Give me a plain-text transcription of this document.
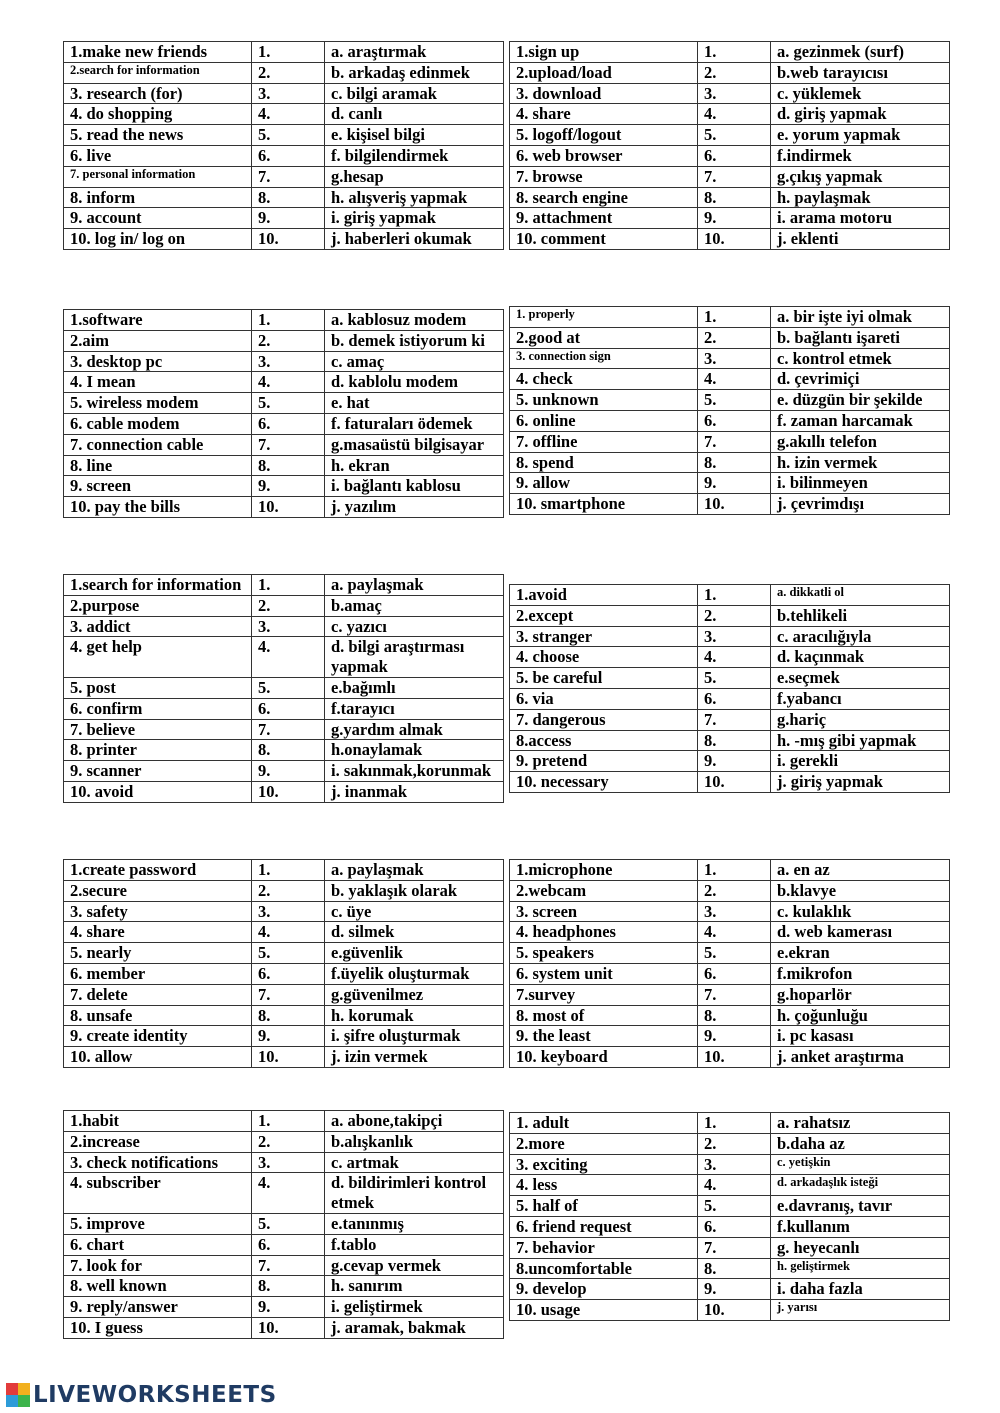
1.make new friends	1.	a. araştırmak
2.search for information	2.	b. arkadaş edinmek
3. research (for)	3.	c. bilgi aramak
4. do shopping	4.	d. canlı
5. read the news	5.	e. kişisel bilgi
6. live	6.	f. bilgilendirmek
7. personal information	7.	g.hesap
8. inform	8.	h. alışveriş yapmak
9. account	9.	i. giriş yapmak
10. log in/ log on	10.	j. haberleri okumak
1.sign up	1.	a. gezinmek (surf)
2.upload/load	2.	b.web tarayıcısı
3. download	3.	c. yüklemek
4. share	4.	d. giriş yapmak
5. logoff/logout	5.	e. yorum yapmak
6. web browser	6.	f.indirmek
7. browse	7.	g.çıkış yapmak
8. search engine	8.	h. paylaşmak
9. attachment	9.	i. arama motoru
10. comment	10.	j. eklenti
1.software	1.	a. kablosuz modem
2.aim	2.	b. demek istiyorum ki
3. desktop pc	3.	c. amaç
4. I mean	4.	d. kablolu modem
5. wireless modem	5.	e. hat
6. cable modem	6.	f. faturaları ödemek
7. connection cable	7.	g.masaüstü bilgisayar
8. line	8.	h. ekran
9. screen	9.	i. bağlantı kablosu
10. pay the bills	10.	j. yazılım
1. properly	1.	a. bir işte iyi olmak
2.good at	2.	b. bağlantı işareti
3. connection sign	3.	c. kontrol etmek
4. check	4.	d. çevrimiçi
5. unknown	5.	e. düzgün bir şekilde
6. online	6.	f. zaman harcamak
7. offline	7.	g.akıllı telefon
8. spend	8.	h. izin vermek
9. allow	9.	i. bilinmeyen
10. smartphone	10.	j. çevrimdışı
1.search for information	1.	a. paylaşmak
2.purpose	2.	b.amaç
3. addict	3.	c. yazıcı
4. get help	4.	d. bilgi araştırması yapmak
5. post	5.	e.bağımlı
6. confirm	6.	f.tarayıcı
7. believe	7.	g.yardım almak
8. printer	8.	h.onaylamak
9. scanner	9.	i. sakınmak,korunmak
10. avoid	10.	j. inanmak
1.avoid	1.	a. dikkatli ol
2.except	2.	b.tehlikeli
3. stranger	3.	c. aracılığıyla
4. choose	4.	d. kaçınmak
5. be careful	5.	e.seçmek
6. via	6.	f.yabancı
7. dangerous	7.	g.hariç
8.access	8.	h. -mış gibi yapmak
9. pretend	9.	i. gerekli
10. necessary	10.	j. giriş yapmak
1.create password	1.	a. paylaşmak
2.secure	2.	b. yaklaşık olarak
3. safety	3.	c. üye
4. share	4.	d. silmek
5. nearly	5.	e.güvenlik
6. member	6.	f.üyelik oluşturmak
7. delete	7.	g.güvenilmez
8. unsafe	8.	h. korumak
9. create identity	9.	i. şifre oluşturmak
10. allow	10.	j. izin vermek
1.microphone	1.	a. en az
2.webcam	2.	b.klavye
3. screen	3.	c. kulaklık
4. headphones	4.	d. web kamerası
5. speakers	5.	e.ekran
6. system unit	6.	f.mikrofon
7.survey	7.	g.hoparlör
8. most of	8.	h. çoğunluğu
9. the least	9.	i. pc kasası
10. keyboard	10.	j. anket araştırma
1.habit	1.	a. abone,takipçi
2.increase	2.	b.alışkanlık
3. check notifications	3.	c. artmak
4. subscriber	4.	d. bildirimleri kontrol etmek
5. improve	5.	e.tanınmış
6. chart	6.	f.tablo
7. look for	7.	g.cevap vermek
8. well known	8.	h. sanırım
9. reply/answer	9.	i. geliştirmek
10. I guess	10.	j. aramak, bakmak
1. adult	1.	a. rahatsız
2.more	2.	b.daha az
3. exciting	3.	c. yetişkin
4. less	4.	d. arkadaşlık isteği
5. half of	5.	e.davranış, tavır
6. friend request	6.	f.kullanım
7. behavior	7.	g. heyecanlı
8.uncomfortable	8.	h. geliştirmek
9. develop	9.	i. daha fazla
10. usage	10.	j. yarısı
LIVEWORKSHEETS
